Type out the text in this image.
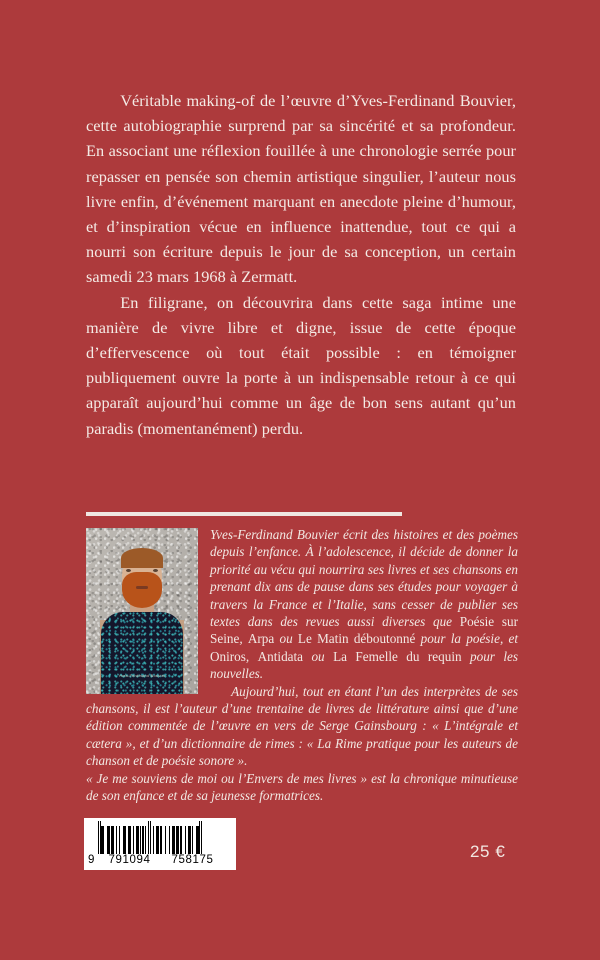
Véritable making-of de l’œuvre d’Yves-Ferdinand Bouvier, cette autobiographie surprend par sa sincérité et sa profondeur. En associant une réflexion fouillée à une chronologie serrée pour repasser en pensée son chemin artistique singulier, l’auteur nous livre enfin, d’événement marquant en anecdote pleine d’humour, et d’inspiration vécue en influence inattendue, tout ce qui a nourri son écriture depuis le jour de sa conception, un certain samedi 23 mars 1968 à Zermatt.

En filigrane, on découvrira dans cette saga intime une manière de vivre libre et digne, issue de cette époque d’effervescence où tout était possible : en témoigner publiquement ouvre la porte à un indispensable retour à ce qui apparaît aujourd’hui comme un âge de bon sens autant qu’un paradis (momentanément) perdu.

Yves-Ferdinand Bouvier

Yves-Ferdinand Bouvier écrit des histoires et des poèmes depuis l’enfance. À l’adolescence, il décide de donner la priorité au vécu qui nourrira ses livres et ses chansons en prenant dix ans de pause dans ses études pour voyager à travers la France et l’Italie, sans cesser de publier ses textes dans des revues aussi diverses que Poésie sur Seine, Arpa ou Le Matin déboutonné pour la poésie, et Oniros, Antidata ou La Femelle du requin pour les nouvelles.

Aujourd’hui, tout en étant l’un des interprètes de ses chansons, il est l’auteur d’une trentaine de livres de littérature ainsi que d’une édition commentée de l’œuvre en vers de Serge Gainsbourg : « L’intégrale et cætera », et d’un dictionnaire de rimes : « La Rime pratique pour les auteurs de chanson et de poésie sonore ».

« Je me souviens de moi ou l’Envers de mes livres » est la chronique minutieuse de son enfance et de sa jeunesse formatrices.

9	791094	758175	25 €
